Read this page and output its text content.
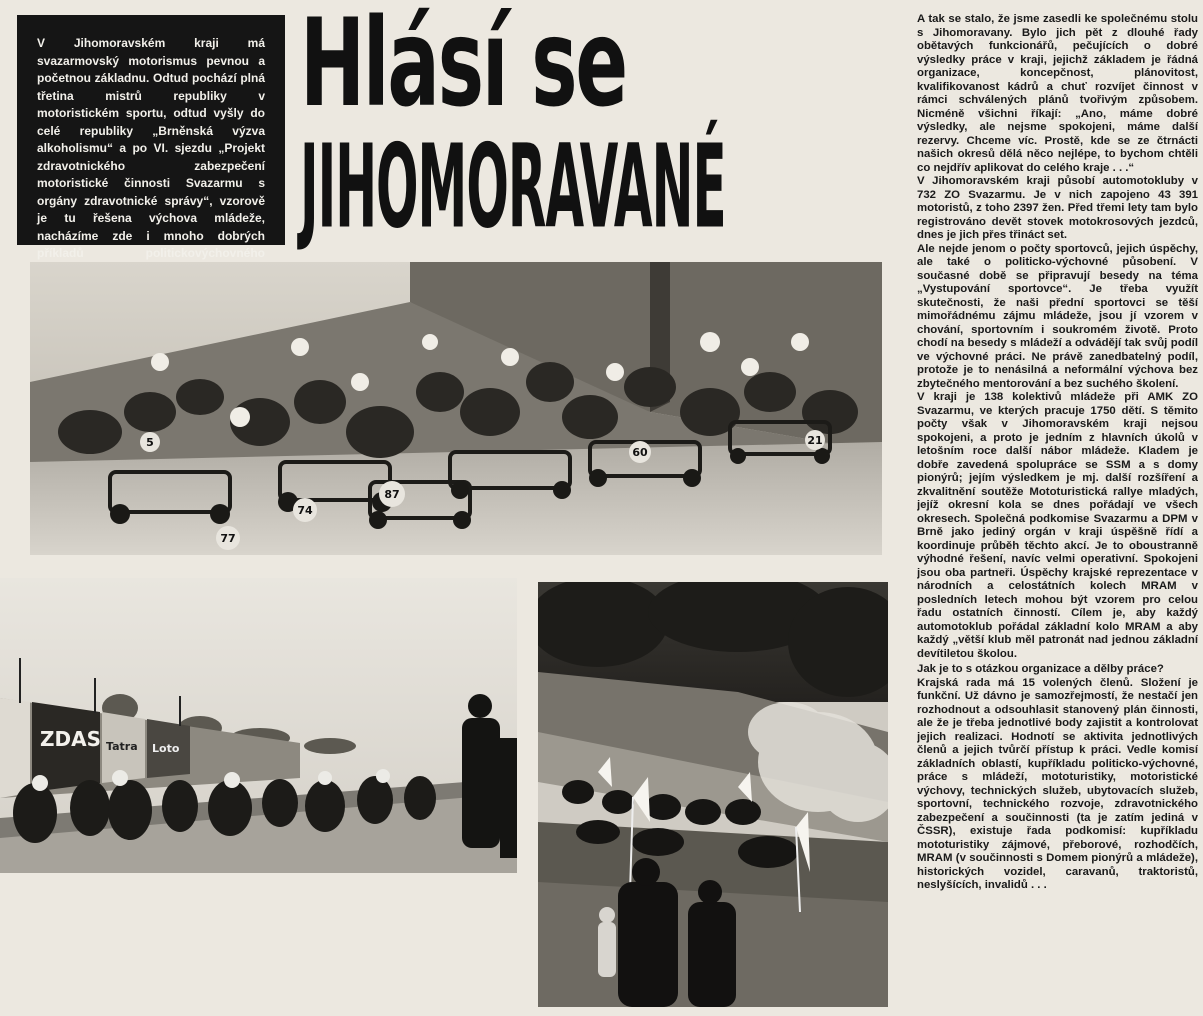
V Jihomoravském kraji má svazarmovský motorismus pevnou a početnou základnu. Odtud pochází plná třetina mistrů republiky v motoristickém sportu, odtud vyšly do celé republiky „Brněnská výzva alkoholismu“ a po VI. sjezdu „Projekt zdravotnického zabezpečení motoristické činnosti Svazarmu s orgány zdravotnické správy“, vzorově je tu řešena výchova mládeže, nacházíme zde i mnoho dobrých příkladů politickovýchovného
Hlásí se
JIHOMORAVANÉ
77
87
74
60
21
5
ZDAS Tatra Loto

A tak se stalo, že jsme zasedli ke společnému stolu s Jihomoravany. Bylo jich pět z dlouhé řady obětavých funkcionářů, pečujících o dobré výsledky práce v kraji, jejichž základem je řádná organizace, koncepčnost, plánovitost, kvalifikovanost kádrů a chuť rozvíjet činnost v rámci schválených plánů tvořivým způsobem. Nicméně všichni říkají: „Ano, máme dobré výsledky, ale nejsme spokojeni, máme další rezervy. Chceme víc. Prostě, kde se ze čtrnácti našich okresů dělá něco nejlépe, to bychom chtěli co nejdřív aplikovat do celého kraje . . .“

V Jihomoravském kraji působí automotokluby v 732 ZO Svazarmu. Je v nich zapojeno 43 391 motoristů, z toho 2397 žen. Před třemi lety tam bylo registrováno devět stovek motokrosových jezdců, dnes je jich přes třináct set.

Ale nejde jenom o počty sportovců, jejich úspěchy, ale také o politicko-výchovné působení. V současné době se připravují besedy na téma „Vystupování sportovce“. Je třeba využít skutečnosti, že naši přední sportovci se těší mimořádnému zájmu mládeže, jsou jí vzorem v chování, sportovním i soukromém životě. Proto chodí na besedy s mládeží a odvádějí tak svůj podíl ve výchovné práci. Ne právě zanedbatelný podíl, protože je to nenásilná a neformální výchova bez zbytečného mentorování a bez suchého školení.

V kraji je 138 kolektivů mládeže při AMK ZO Svazarmu, ve kterých pracuje 1750 dětí. S těmito počty však v Jihomoravském kraji nejsou spokojeni, a proto je jedním z hlavních úkolů v letošním roce další nábor mládeže. Kladem je dobře zavedená spolupráce se SSM a s domy pionýrů; jejím výsledkem je mj. další rozšíření a zkvalitnění soutěže Mototuristická rallye mladých, jejíž okresní kola se dnes pořádají ve všech okresech. Společná podkomise Svazarmu a DPM v Brně jako jediný orgán v kraji úspěšně řídí a koordinuje průběh těchto akcí. Je to oboustranně výhodné řešení, navíc velmi operativní. Spokojeni jsou oba partneři. Úspěchy krajské reprezentace v národních a celostátních kolech MRAM v posledních letech mohou být vzorem pro celou řadu ostatních činností. Cílem je, aby každý automotoklub pořádal základní kolo MRAM a aby každý „větší klub měl patronát nad jednou základní devítiletou školou.

Jak je to s otázkou organizace a dělby práce?

Krajská rada má 15 volených členů. Složení je funkční. Už dávno je samozřejmostí, že nestačí jen rozhodnout a odsouhlasit stanovený plán činnosti, ale že je třeba jednotlivé body zajistit a kontrolovat jejich realizaci. Hodnotí se aktivita jednotlivých členů a jejich tvůrčí přístup k práci. Vedle komisí základních oblastí, kupříkladu politicko-výchovné, práce s mládeží, mototuristiky, motoristické výchovy, technických služeb, ubytovacích služeb, sportovní, technického rozvoje, zdravotnického zabezpečení a součinnosti (ta je zatím jediná v ČSSR), existuje řada podkomisí: kupříkladu mototuristiky zájmové, přeborové, rozhodčích, MRAM (v součinnosti s Domem pionýrů a mládeže), historických vozidel, caravanů, traktoristů, neslyšících, invalidů . . .
